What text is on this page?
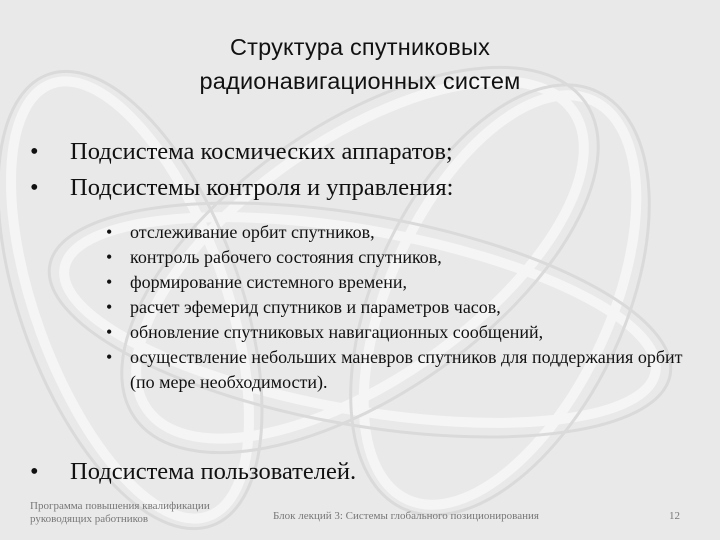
Структура спутниковых
радионавигационных систем
• Подсистема космических аппаратов;
• Подсистемы контроля и управления:
• отслеживание орбит спутников,
• контроль рабочего состояния спутников,
• формирование системного времени,
• расчет эфемерид спутников и параметров часов,
• обновление спутниковых навигационных сообщений,
• осуществление небольших маневров спутников для поддержания орбит (по мере необходимости).
• Подсистема пользователей.
Программа повышения квалификации
руководящих работников	Блок лекций 3: Системы глобального позиционирования	12
